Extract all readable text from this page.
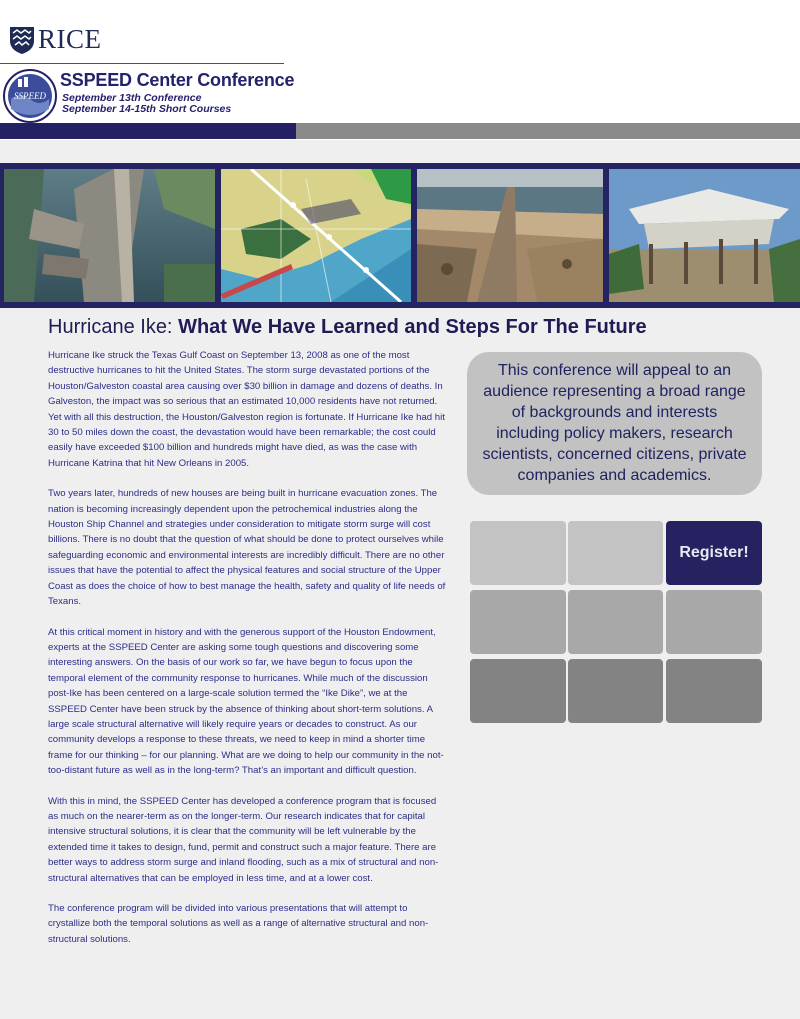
RICE
SSPEED
SSPEED Center Conference
September 13th Conference
September 14-15th Short Courses
Hurricane Ike: What We Have Learned and Steps For The Future

Hurricane Ike struck the Texas Gulf Coast on September 13, 2008 as one of the most destructive hurricanes to hit the United States. The storm surge devastated portions of the Houston/Galveston coastal area causing over $30 billion in damage and dozens of deaths. In Galveston, the impact was so serious that an estimated 10,000 residents have not returned. Yet with all this destruction, the Houston/Galveston region is fortunate. If Hurricane Ike had hit 30 to 50 miles down the coast, the devastation would have been remarkable; the cost could easily have exceeded $100 billion and hundreds might have died, as was the case with Hurricane Katrina that hit New Orleans in 2005.

Two years later, hundreds of new houses are being built in hurricane evacuation zones. The nation is becoming increasingly dependent upon the petrochemical industries along the Houston Ship Channel and strategies under consideration to mitigate storm surge will cost billions. There is no doubt that the question of what should be done to protect ourselves while safeguarding economic and environmental interests are incredibly difficult. There are no other issues that have the potential to affect the physical features and social structure of the Upper Coast as does the choice of how to best manage the health, safety and quality of life needs of Texans.

At this critical moment in history and with the generous support of the Houston Endowment, experts at the SSPEED Center are asking some tough questions and discovering some interesting answers. On the basis of our work so far, we have begun to focus upon the temporal element of the community response to hurricanes. While much of the discussion post-Ike has been centered on a large-scale solution termed the “Ike Dike”, we at the SSPEED Center have been struck by the absence of thinking about short-term solutions. A large scale structural alternative will likely require years or decades to construct. As our community develops a response to these threats, we need to keep in mind a shorter time frame for our thinking – for our planning. What are we doing to help our community in the not-too-distant future as well as in the long-term? That’s an important and difficult question.

With this in mind, the SSPEED Center has developed a conference program that is focused as much on the nearer-term as on the longer-term. Our research indicates that for capital intensive structural solutions, it is clear that the community will be left vulnerable by the extended time it takes to design, fund, permit and construct such a major feature. There are better ways to address storm surge and inland flooding, such as a mix of structural and non-structural alternatives that can be employed in less time, and at a lower cost.

The conference program will be divided into various presentations that will attempt to crystallize both the temporal solutions as well as a range of alternative structural and non-structural solutions.

This conference will appeal to an audience representing a broad range of backgrounds and interests including policy makers, research scientists, concerned citizens, private companies and academics.
Register!
